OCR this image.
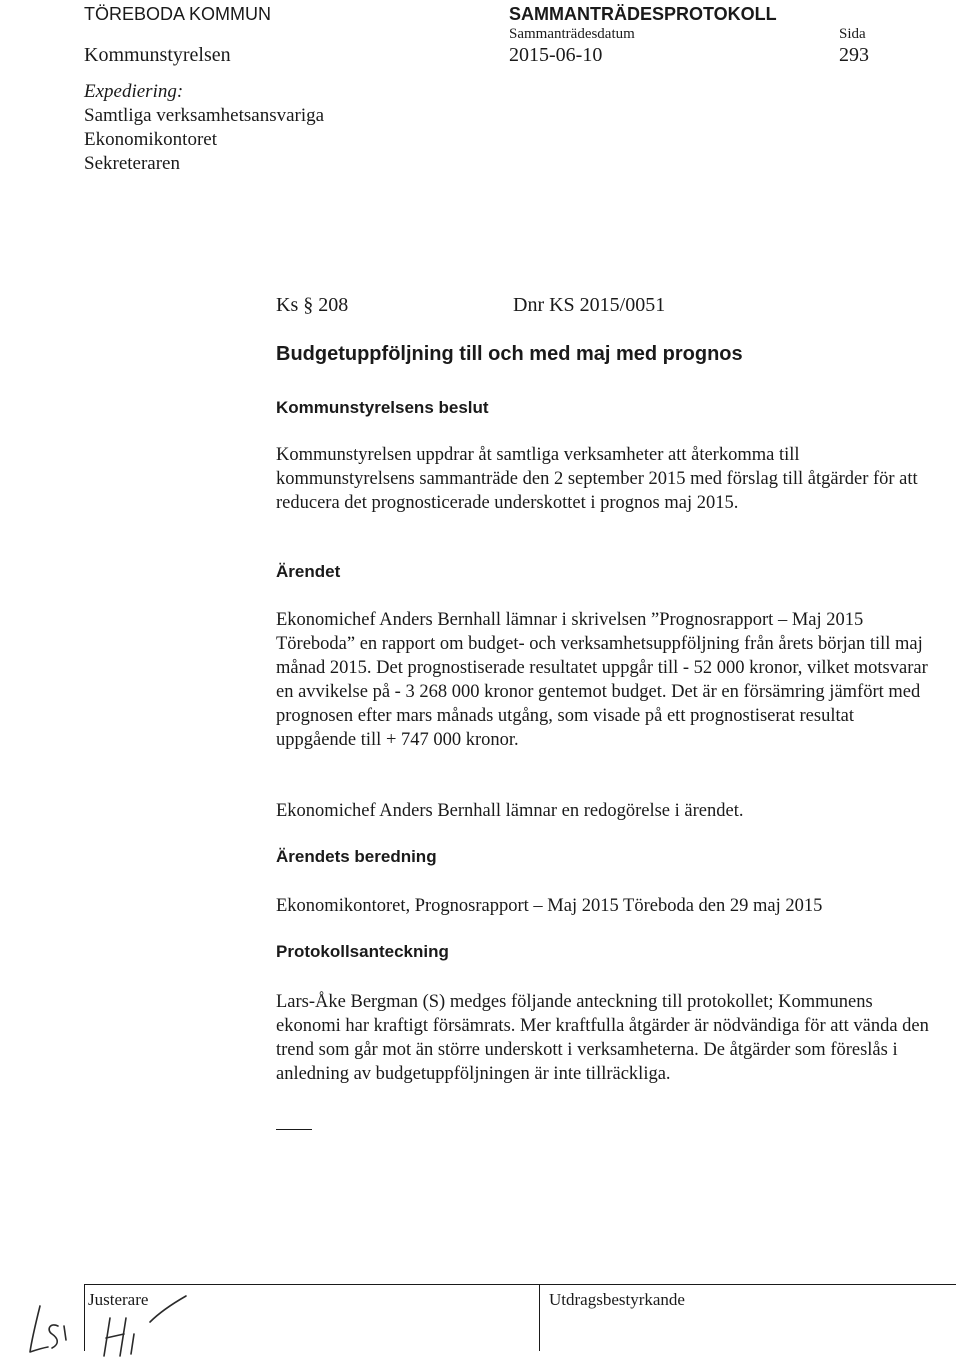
TÖREBODA KOMMUN	SAMMANTRÄDESPROTOKOLL
Sammanträdesdatum	Sida
Kommunstyrelsen	2015-06-10	293
Expediering:
Samtliga verksamhetsansvariga
Ekonomikontoret
Sekreteraren
Ks § 208	Dnr KS 2015/0051
Budgetuppföljning till och med maj med prognos
Kommunstyrelsens beslut
Kommunstyrelsen uppdrar åt samtliga verksamheter att återkomma till kommunstyrelsens sammanträde den 2 september 2015 med förslag till åtgärder för att reducera det prognosticerade underskottet i prognos maj 2015.
Ärendet
Ekonomichef Anders Bernhall lämnar i skrivelsen ”Prognosrapport – Maj 2015 Töreboda” en rapport om budget- och verksamhetsuppföljning från årets början till maj månad 2015. Det prognostiserade resultatet uppgår till - 52 000 kronor, vilket motsvarar en avvikelse på - 3 268 000 kronor gentemot budget. Det är en försämring jämfört med prognosen efter mars månads utgång, som visade på ett prognostiserat resultat uppgående till + 747 000 kronor.
Ekonomichef Anders Bernhall lämnar en redogörelse i ärendet.
Ärendets beredning
Ekonomikontoret, Prognosrapport – Maj 2015 Töreboda den 29 maj 2015
Protokollsanteckning
Lars-Åke Bergman (S) medges följande anteckning till protokollet; Kommunens ekonomi har kraftigt försämrats. Mer kraftfulla åtgärder är nödvändiga för att vända den trend som går mot än större underskott i verksamheterna. De åtgärder som föreslås i anledning av budgetuppföljningen är inte tillräckliga.
Justerare	Utdragsbestyrkande
